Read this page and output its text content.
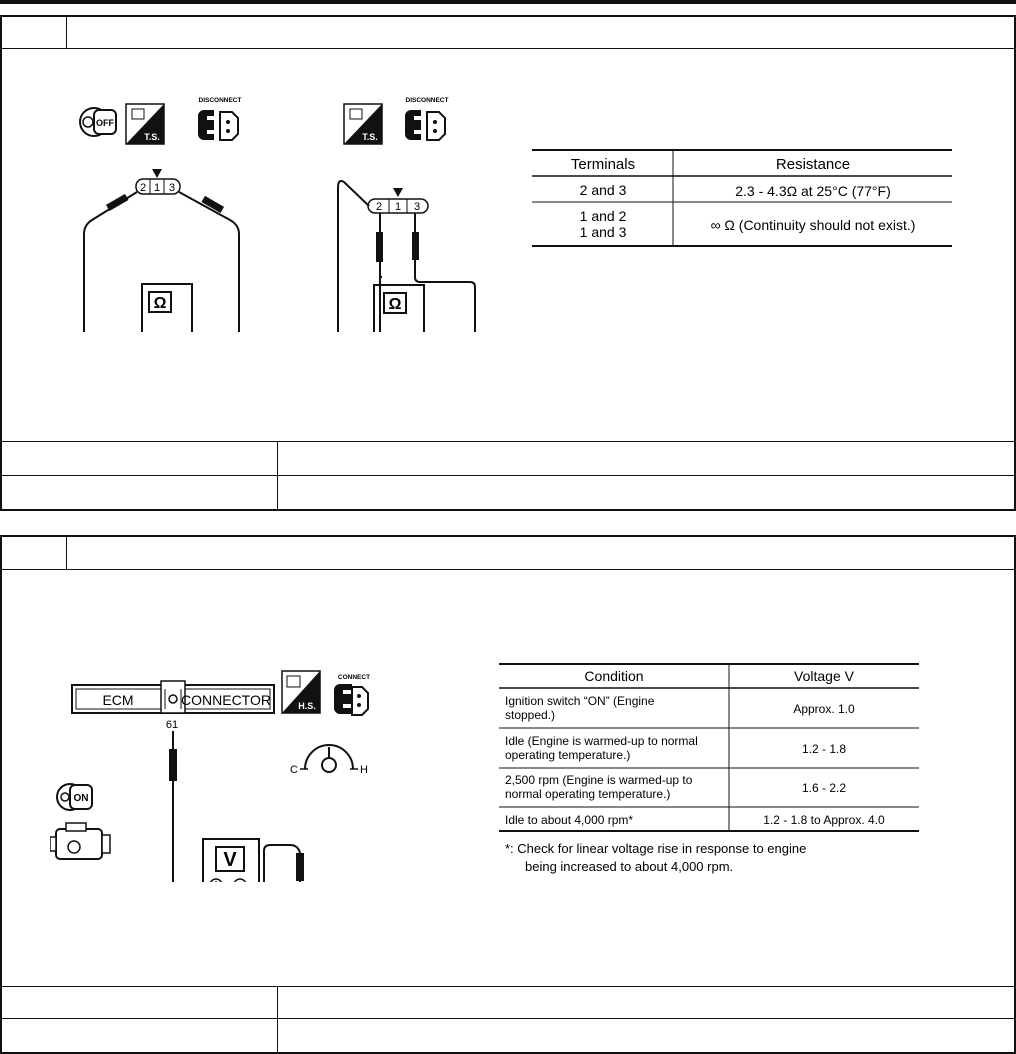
OFF
T.S.
DISCONNECT
2 1 3
Ω
T.S.
DISCONNECT
2 1 3
Ω
Terminals	Resistance
2 and 3	2.3 - 4.3Ω at 25°C (77°F)
1 and 2
1 and 3	∞ Ω (Continuity should not exist.)
ECM	CONNECTOR
61
H.S.
CONNECT
C	H
ON
V
Condition	Voltage V
Ignition switch “ON” (Engine
stopped.)	Approx. 1.0
Idle (Engine is warmed-up to normal
operating temperature.)	1.2 - 1.8
2,500 rpm (Engine is warmed-up to
normal operating temperature.)	1.6 - 2.2
Idle to about 4,000 rpm*	1.2 - 1.8 to Approx. 4.0
*: Check for linear voltage rise in response to engine
being increased to about 4,000 rpm.
